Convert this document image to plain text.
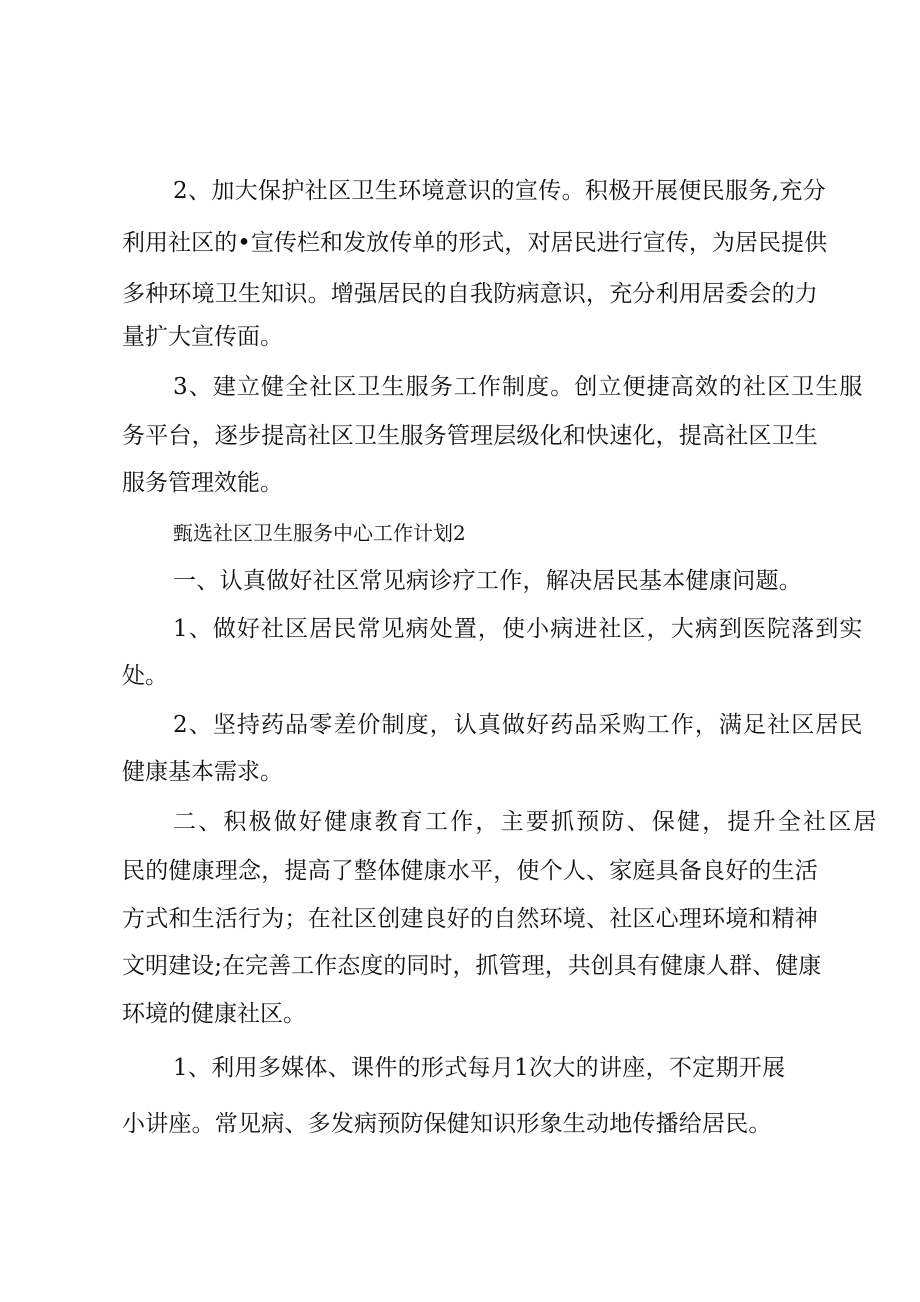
2、加大保护社区卫生环境意识的宣传。积极开展便民服务,充分

利用社区的•宣传栏和发放传单的形式，对居民进行宣传，为居民提供

多种环境卫生知识。增强居民的自我防病意识，充分利用居委会的力

量扩大宣传面。

3、建立健全社区卫生服务工作制度。创立便捷高效的社区卫生服

务平台，逐步提高社区卫生服务管理层级化和快速化，提高社区卫生

服务管理效能。

甄选社区卫生服务中心工作计划2

一、认真做好社区常见病诊疗工作，解决居民基本健康问题。

1、做好社区居民常见病处置，使小病进社区，大病到医院落到实

处。

2、坚持药品零差价制度，认真做好药品采购工作，满足社区居民

健康基本需求。

二、积极做好健康教育工作，主要抓预防、保健，提升全社区居

民的健康理念，提高了整体健康水平，使个人、家庭具备良好的生活

方式和生活行为；在社区创建良好的自然环境、社区心理环境和精神

文明建设;在完善工作态度的同时，抓管理，共创具有健康人群、健康

环境的健康社区。

1、利用多媒体、课件的形式每月1次大的讲座，不定期开展

小讲座。常见病、多发病预防保健知识形象生动地传播给居民。
